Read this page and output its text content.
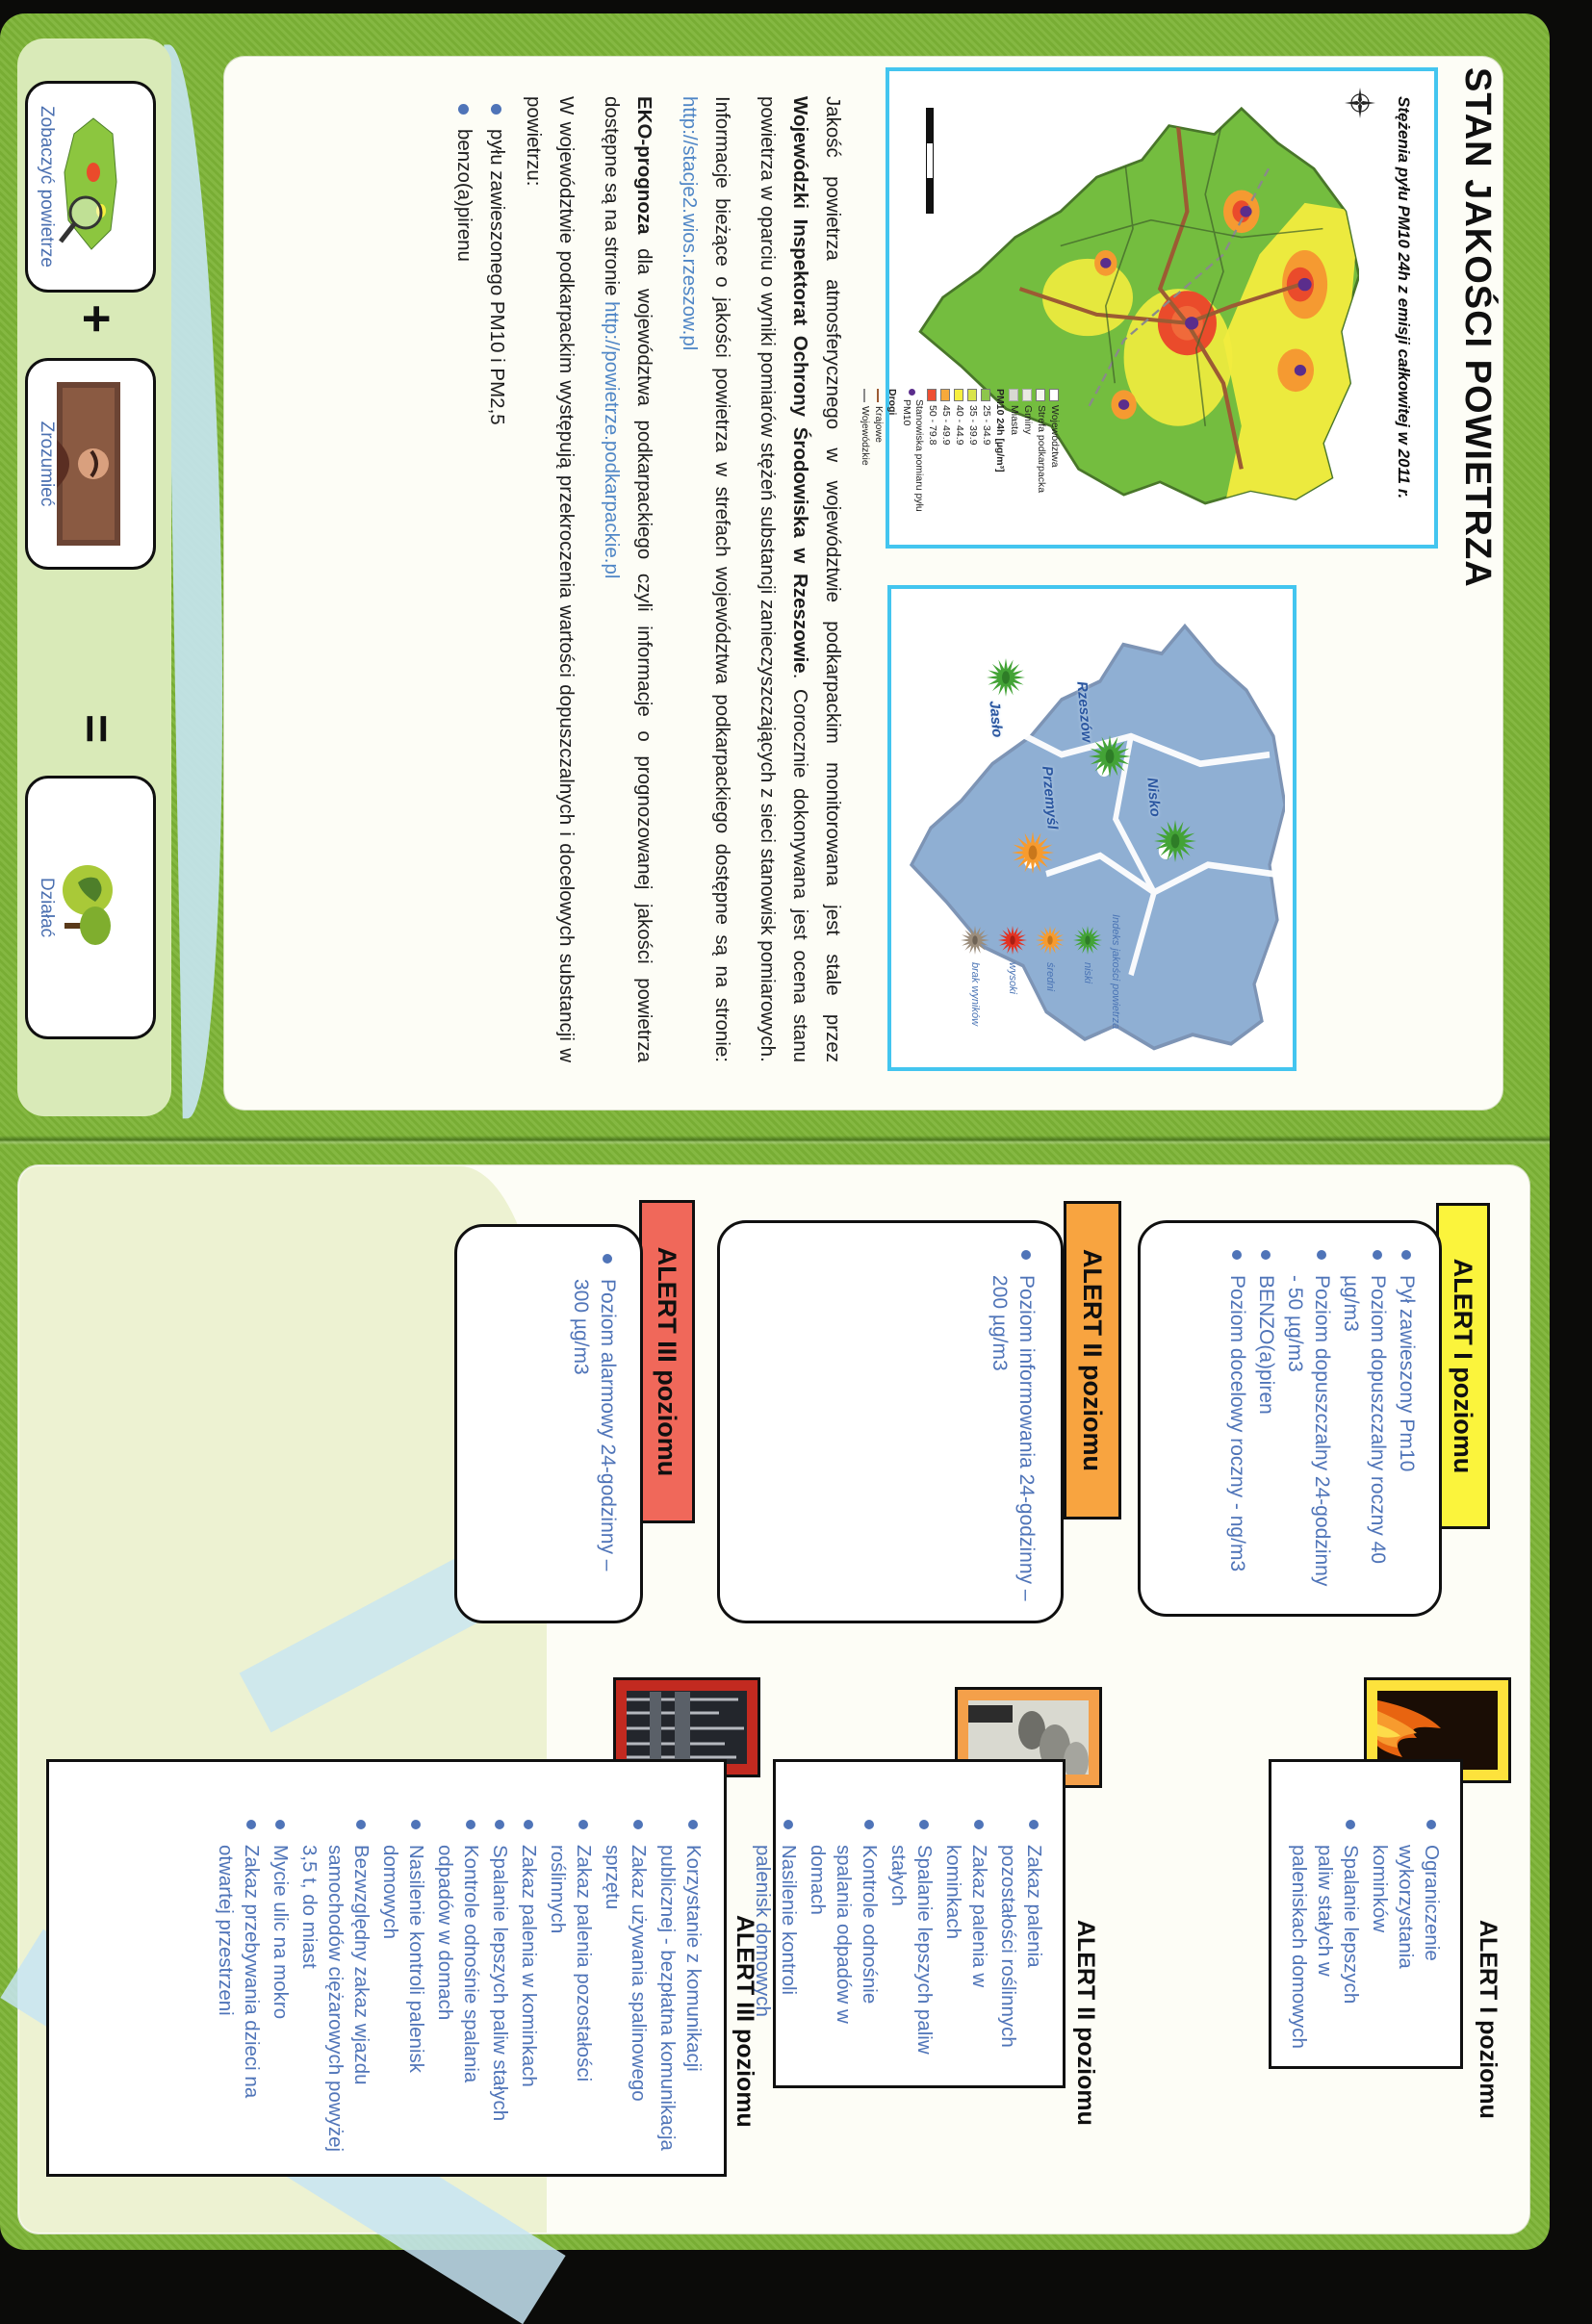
STAN JAKOŚCI POWIETRZA
Stężenia pyłu PM10 24h z emisji całkowitej w 2011 r.
Województwa
Strefa podkarpacka
Gminy
Miasta
PM10 24h [µg/m³]
25 - 34.9
35 - 39.9
40 - 44.9
45 - 49.9
50 - 79.8
Stanowiska pomiaru pyłu PM10
Drogi
Krajowe
Wojewódzkie
Jasło	Rzeszów
Nisko
Przemyśl
Indeks jakości powietrza
niski
średni
wysoki
brak wyników

Jakość powietrza atmosferycznego w województwie podkarpackim monitorowana jest stale przez Wojewódzki Inspektorat Ochrony Środowiska w Rzeszowie. Corocznie dokonywana jest ocena stanu powietrza w oparciu o wyniki pomiarów stężeń substancji zanieczyszczających z sieci stanowisk pomiarowych.

Informacje bieżące o jakości powietrza w strefach województwa podkarpackiego dostępne są na stronie: http://stacje2.wios.rzeszow.pl

EKO-prognoza dla województwa podkarpackiego czyli informacje o prognozowanej jakości powietrza dostępne są na stronie http://powietrze.podkarpackie.pl

W województwie podkarpackim występują przekroczenia wartości dopuszczalnych i docelowych substancji w powietrzu:

pyłu zawieszonego PM10 i PM2,5
benzo(a)pirenu
Zobaczyć powietrze
+
Zrozumieć
=
Działać
ALERT I poziomu
Pył zawieszony Pm10
Poziom dopuszczalny roczny 40 µg/m3
Poziom dopuszczalny 24-godzinny - 50 µg/m3
BENZO(a)piren
Poziom docelowy roczny - ng/m3
ALERT II poziomu
Poziom informowania 24-godzinny – 200 µg/m3
ALERT III poziomu
Poziom alarmowy 24-godzinny – 300 µg/m3
ALERT I poziomu
Ograniczenie wykorzystania kominków
Spalanie lepszych paliw stałych w paleniskach domowych
ALERT II poziomu
Zakaz palenia pozostałości roślinnych
Zakaz palenia w kominkach
Spalanie lepszych paliw stałych
Kontrole odnośnie spalania odpadów w domach
Nasilenie kontroli palenisk domowych
ALERT III poziomu
Korzystanie z komunikacji publicznej - bezpłatna komunikacja
Zakaz używania spalinowego sprzętu
Zakaz palenia pozostałości roślinnych
Zakaz palenia w kominkach
Spalanie lepszych paliw stałych
Kontrole odnośnie spalania odpadów w domach
Nasilenie kontroli palenisk domowych
Bezwzględny zakaz wjazdu samochodów ciężarowych powyżej 3,5 t, do miast
Mycie ulic na mokro
Zakaz przebywania dzieci na otwartej przestrzeni
